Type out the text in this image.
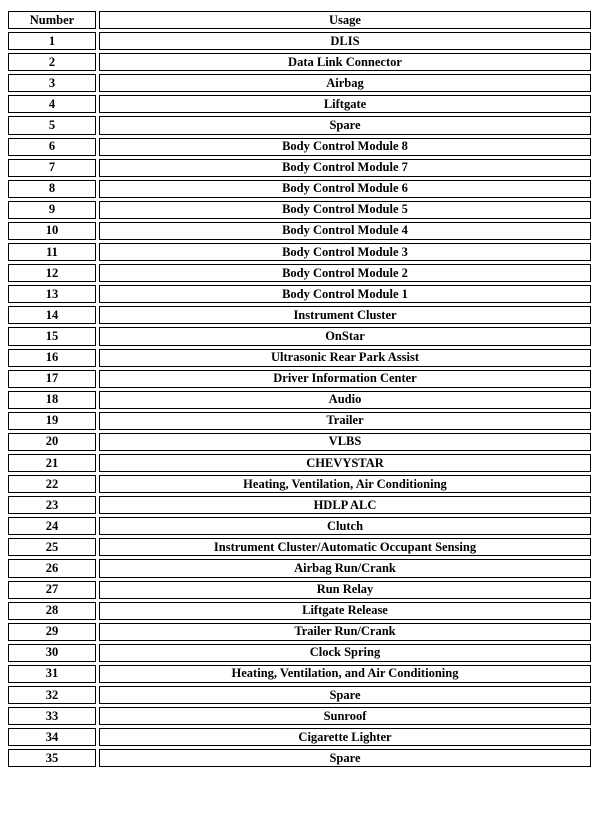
Number	Usage
1	DLIS
2	Data Link Connector
3	Airbag
4	Liftgate
5	Spare
6	Body Control Module 8
7	Body Control Module 7
8	Body Control Module 6
9	Body Control Module 5
10	Body Control Module 4
11	Body Control Module 3
12	Body Control Module 2
13	Body Control Module 1
14	Instrument Cluster
15	OnStar
16	Ultrasonic Rear Park Assist
17	Driver Information Center
18	Audio
19	Trailer
20	VLBS
21	CHEVYSTAR
22	Heating, Ventilation, Air Conditioning
23	HDLP ALC
24	Clutch
25	Instrument Cluster/Automatic Occupant Sensing
26	Airbag Run/Crank
27	Run Relay
28	Liftgate Release
29	Trailer Run/Crank
30	Clock Spring
31	Heating, Ventilation, and Air Conditioning
32	Spare
33	Sunroof
34	Cigarette Lighter
35	Spare
